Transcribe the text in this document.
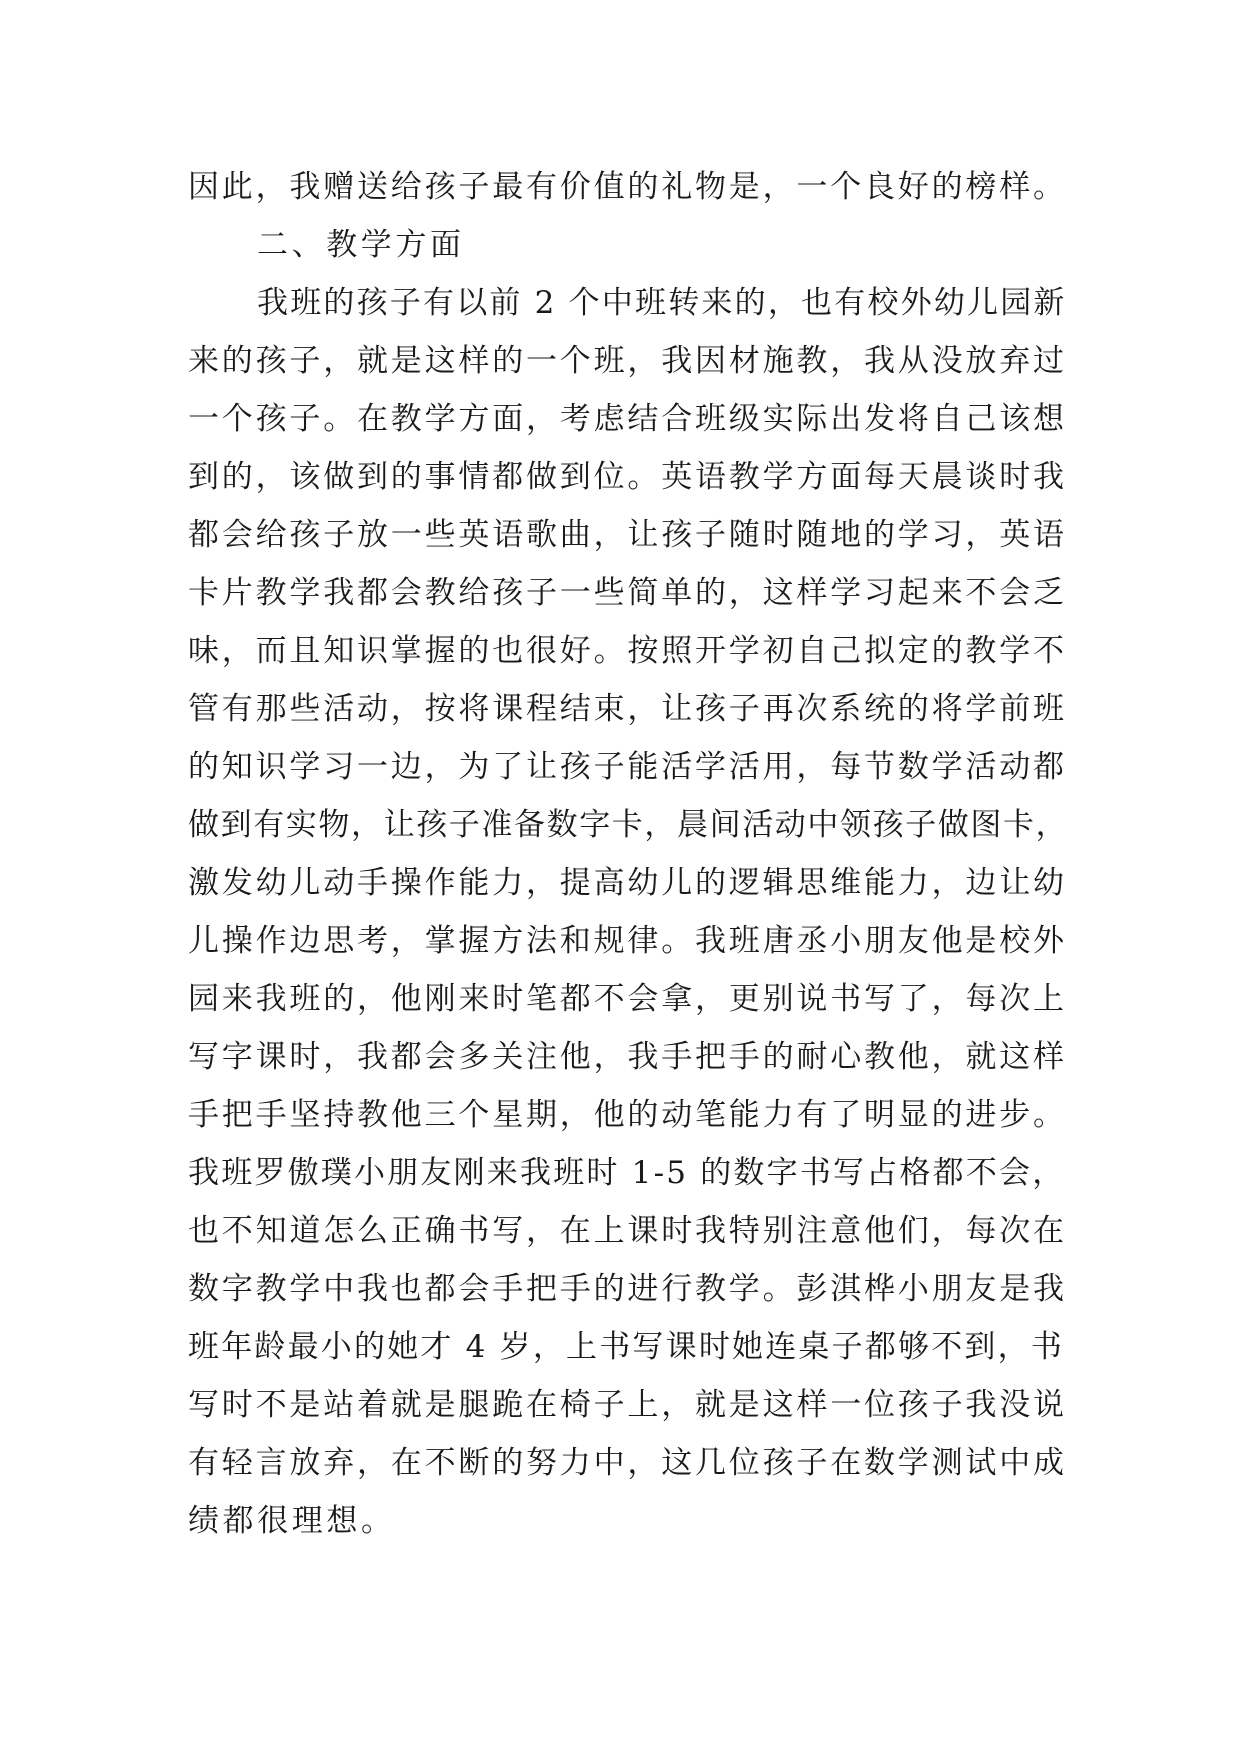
因此，我赠送给孩子最有价值的礼物是，一个良好的榜样。
二、教学方面
我班的孩子有以前 2 个中班转来的，也有校外幼儿园新
来的孩子，就是这样的一个班，我因材施教，我从没放弃过
一个孩子。在教学方面，考虑结合班级实际出发将自己该想
到的，该做到的事情都做到位。英语教学方面每天晨谈时我
都会给孩子放一些英语歌曲，让孩子随时随地的学习，英语
卡片教学我都会教给孩子一些简单的，这样学习起来不会乏
味，而且知识掌握的也很好。按照开学初自己拟定的教学不
管有那些活动，按将课程结束，让孩子再次系统的将学前班
的知识学习一边，为了让孩子能活学活用，每节数学活动都
做到有实物，让孩子准备数字卡，晨间活动中领孩子做图卡，
激发幼儿动手操作能力，提高幼儿的逻辑思维能力，边让幼
儿操作边思考，掌握方法和规律。我班唐丞小朋友他是校外
园来我班的，他刚来时笔都不会拿，更别说书写了，每次上
写字课时，我都会多关注他，我手把手的耐心教他，就这样
手把手坚持教他三个星期，他的动笔能力有了明显的进步。
我班罗傲璞小朋友刚来我班时 1-5 的数字书写占格都不会，
也不知道怎么正确书写，在上课时我特别注意他们，每次在
数字教学中我也都会手把手的进行教学。彭淇桦小朋友是我
班年龄最小的她才 4 岁，上书写课时她连桌子都够不到，书
写时不是站着就是腿跪在椅子上，就是这样一位孩子我没说
有轻言放弃，在不断的努力中，这几位孩子在数学测试中成
绩都很理想。
